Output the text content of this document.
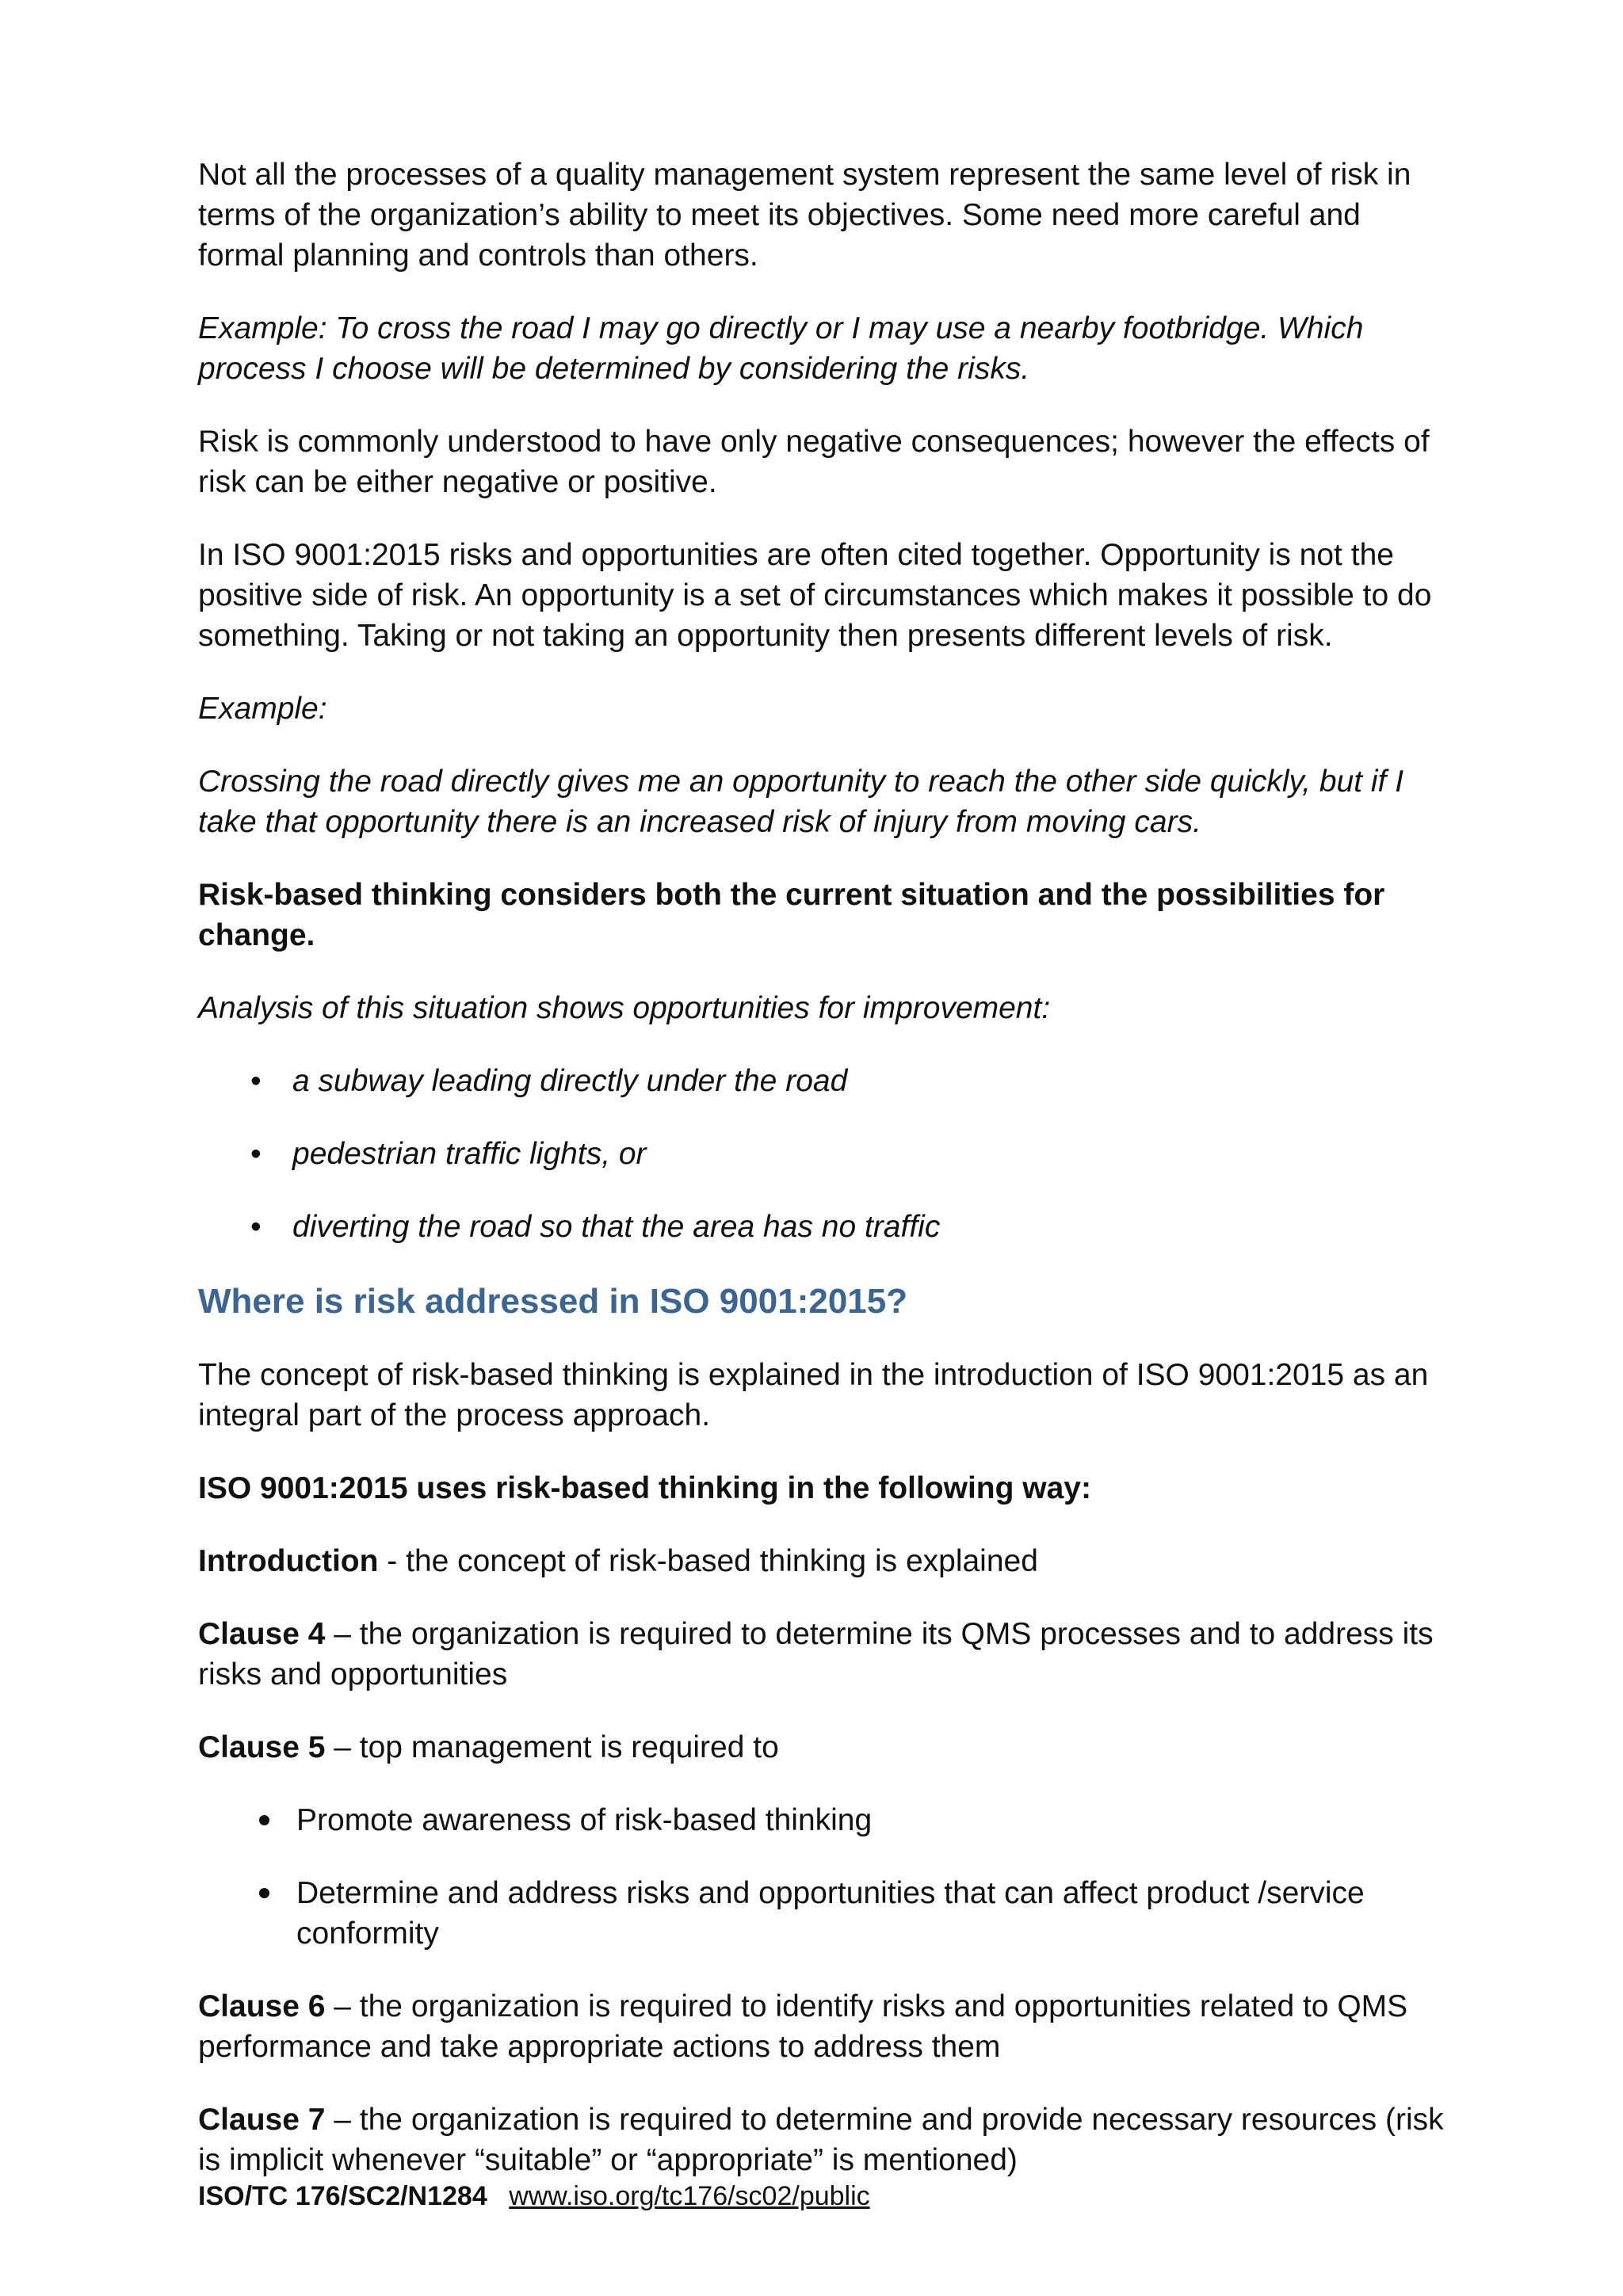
Not all the processes of a quality management system represent the same level of risk in terms of the organization’s ability to meet its objectives. Some need more careful and formal planning and controls than others.

Example: To cross the road I may go directly or I may use a nearby footbridge. Which process I choose will be determined by considering the risks.

Risk is commonly understood to have only negative consequences; however the effects of risk can be either negative or positive.

In ISO 9001:2015 risks and opportunities are often cited together. Opportunity is not the positive side of risk. An opportunity is a set of circumstances which makes it possible to do something. Taking or not taking an opportunity then presents different levels of risk.

Example:

Crossing the road directly gives me an opportunity to reach the other side quickly, but if I take that opportunity there is an increased risk of injury from moving cars.

Risk-based thinking considers both the current situation and the possibilities for change.

Analysis of this situation shows opportunities for improvement:

• a subway leading directly under the road
• pedestrian traffic lights, or
• diverting the road so that the area has no traffic
Where is risk addressed in ISO 9001:2015?

The concept of risk-based thinking is explained in the introduction of ISO 9001:2015 as an integral part of the process approach.

ISO 9001:2015 uses risk-based thinking in the following way:

Introduction - the concept of risk-based thinking is explained

Clause 4 – the organization is required to determine its QMS processes and to address its risks and opportunities

Clause 5 – top management is required to

Promote awareness of risk-based thinking
Determine and address risks and opportunities that can affect product /service conformity

Clause 6 – the organization is required to identify risks and opportunities related to QMS performance and take appropriate actions to address them

Clause 7 – the organization is required to determine and provide necessary resources (risk is implicit whenever “suitable” or “appropriate” is mentioned)

ISO/TC 176/SC2/N1284 www.iso.org/tc176/sc02/public
